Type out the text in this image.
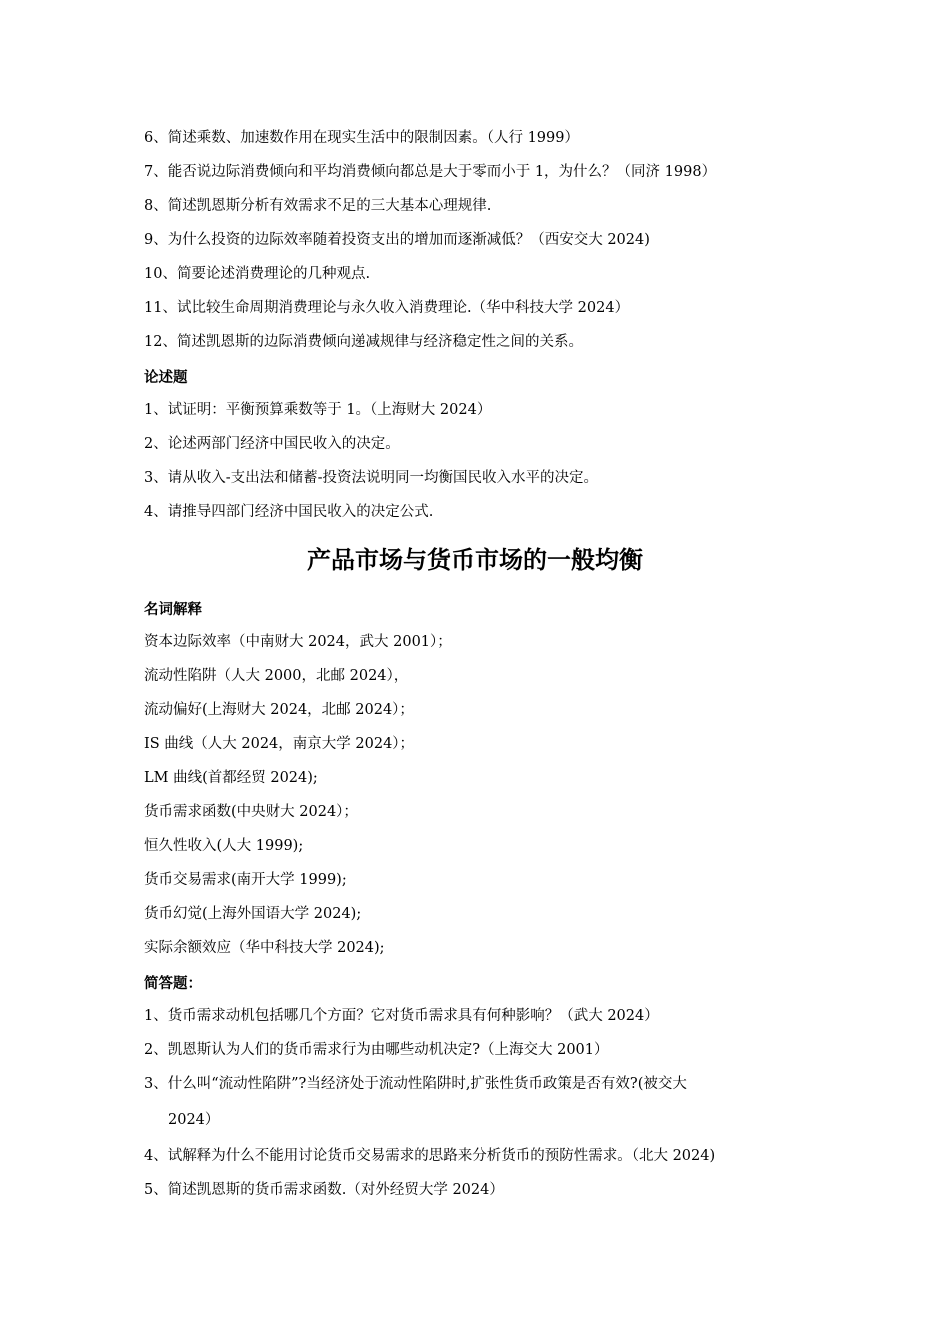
6、简述乘数、加速数作用在现实生活中的限制因素。（人行 1999）
7、能否说边际消费倾向和平均消费倾向都总是大于零而小于 1，为什么？（同济 1998）
8、简述凯恩斯分析有效需求不足的三大基本心理规律.
9、为什么投资的边际效率随着投资支出的增加而逐渐减低？（西安交大 2024)
10、简要论述消费理论的几种观点.
11、试比较生命周期消费理论与永久收入消费理论.（华中科技大学 2024）
12、简述凯恩斯的边际消费倾向递减规律与经济稳定性之间的关系。
论述题
1、试证明：平衡预算乘数等于 1。（上海财大 2024）
2、论述两部门经济中国民收入的决定。
3、请从收入-支出法和储蓄-投资法说明同一均衡国民收入水平的决定。
4、请推导四部门经济中国民收入的决定公式.
产品市场与货币市场的一般均衡
名词解释
资本边际效率（中南财大 2024，武大 2001）；
流动性陷阱（人大 2000，北邮 2024），
流动偏好(上海财大 2024，北邮 2024）；
IS 曲线（人大 2024，南京大学 2024）；
LM 曲线(首都经贸 2024);
货币需求函数(中央财大 2024）；
恒久性收入(人大 1999);
货币交易需求(南开大学 1999);
货币幻觉(上海外国语大学 2024);
实际余额效应（华中科技大学 2024);
简答题：
1、货币需求动机包括哪几个方面？它对货币需求具有何种影响？（武大 2024）
2、凯恩斯认为人们的货币需求行为由哪些动机决定?（上海交大 2001）
3、什么叫“流动性陷阱”?当经济处于流动性陷阱时,扩张性货币政策是否有效?(被交大
2024）
4、试解释为什么不能用讨论货币交易需求的思路来分析货币的预防性需求。（北大 2024)
5、简述凯恩斯的货币需求函数.（对外经贸大学 2024）
